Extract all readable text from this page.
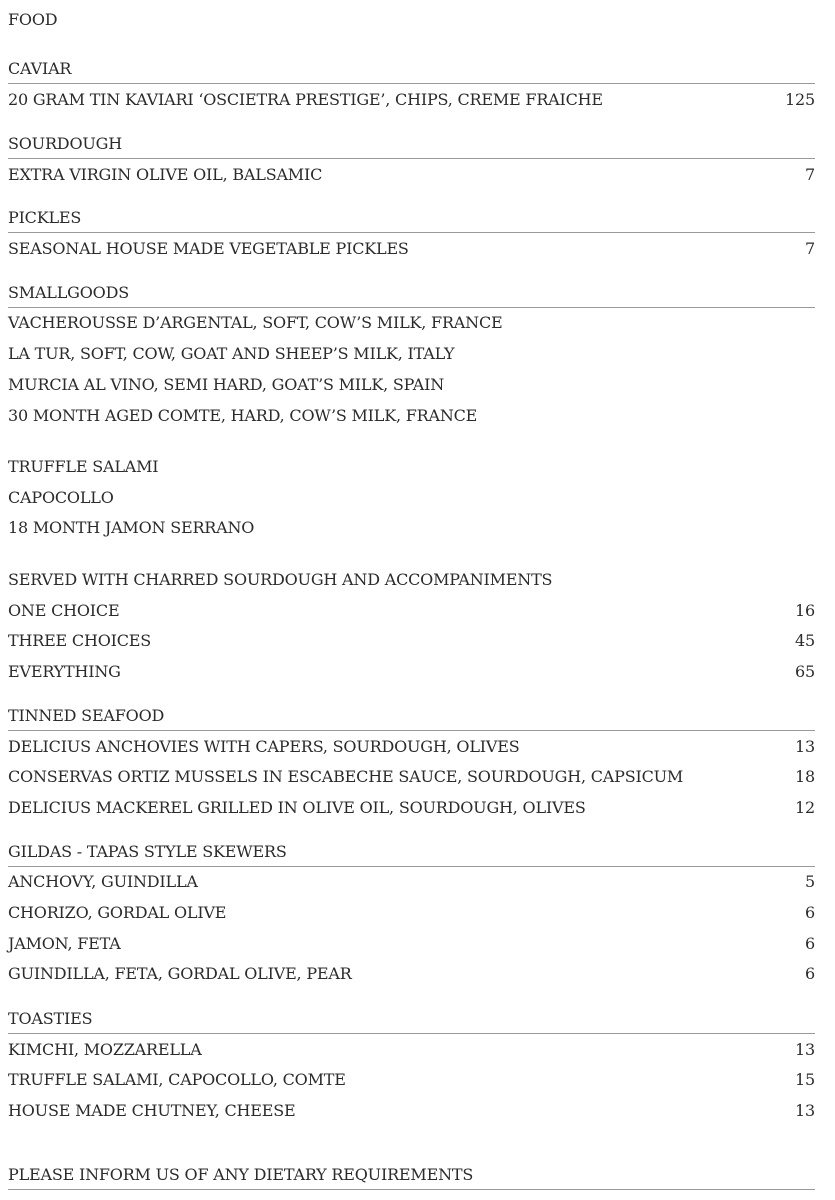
FOOD
CAVIAR
20 GRAM TIN KAVIARI ‘OSCIETRA PRESTIGE’, CHIPS, CREME FRAICHE	125
SOURDOUGH
EXTRA VIRGIN OLIVE OIL, BALSAMIC	7
PICKLES
SEASONAL HOUSE MADE VEGETABLE PICKLES	7
SMALLGOODS
VACHEROUSSE D’ARGENTAL, SOFT, COW’S MILK, FRANCE
LA TUR, SOFT, COW, GOAT AND SHEEP’S MILK, ITALY
MURCIA AL VINO, SEMI HARD, GOAT’S MILK, SPAIN
30 MONTH AGED COMTE, HARD, COW’S MILK, FRANCE
TRUFFLE SALAMI
CAPOCOLLO
18 MONTH JAMON SERRANO
SERVED WITH CHARRED SOURDOUGH AND ACCOMPANIMENTS
ONE CHOICE	16
THREE CHOICES	45
EVERYTHING	65
TINNED SEAFOOD
DELICIUS ANCHOVIES WITH CAPERS, SOURDOUGH, OLIVES	13
CONSERVAS ORTIZ MUSSELS IN ESCABECHE SAUCE, SOURDOUGH, CAPSICUM	18
DELICIUS MACKEREL GRILLED IN OLIVE OIL, SOURDOUGH, OLIVES	12
GILDAS - TAPAS STYLE SKEWERS
ANCHOVY, GUINDILLA	5
CHORIZO, GORDAL OLIVE	6
JAMON, FETA	6
GUINDILLA, FETA, GORDAL OLIVE, PEAR	6
TOASTIES
KIMCHI, MOZZARELLA	13
TRUFFLE SALAMI, CAPOCOLLO, COMTE	15
HOUSE MADE CHUTNEY, CHEESE	13
PLEASE INFORM US OF ANY DIETARY REQUIREMENTS
